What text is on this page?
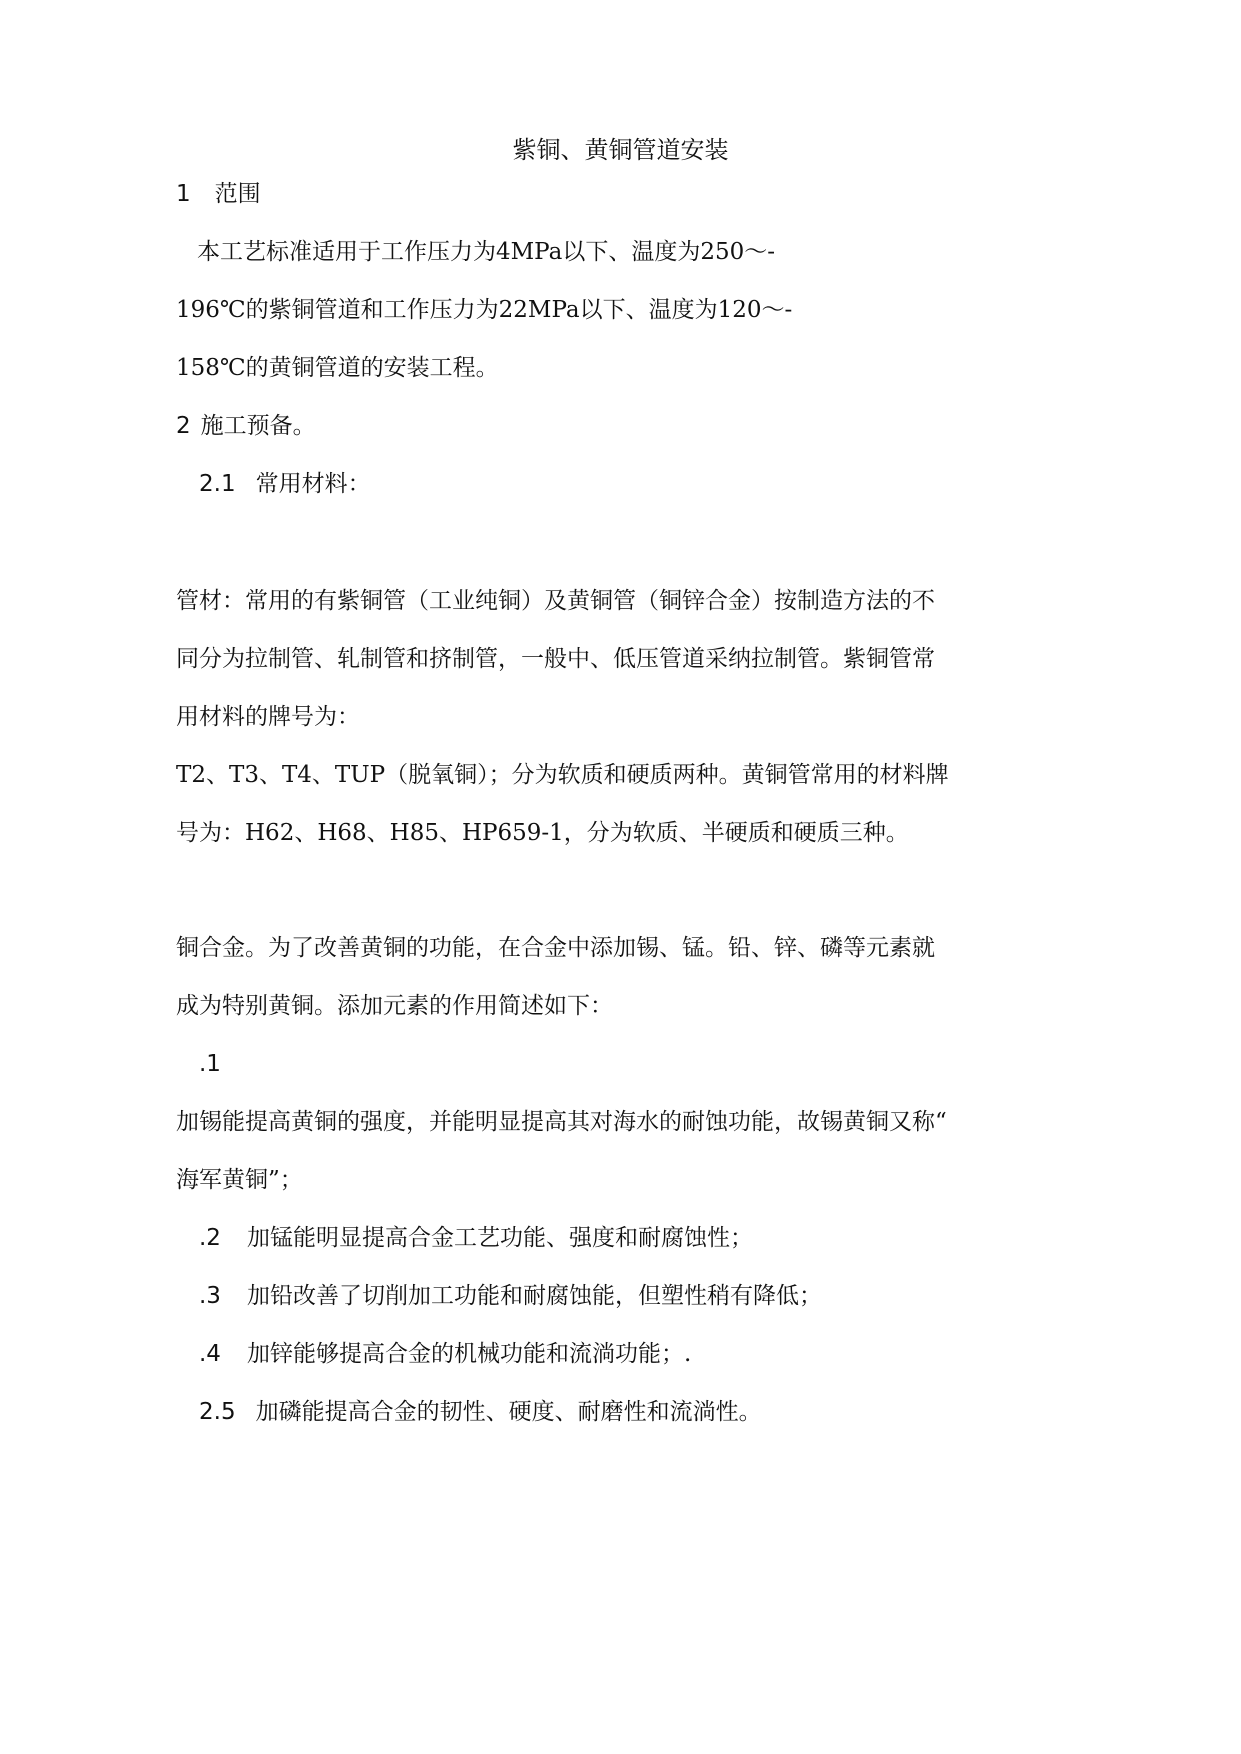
紫铜、黄铜管道安装
1 范围
本工艺标准适用于工作压力为4MPa以下、温度为250～-
196℃的紫铜管道和工作压力为22MPa以下、温度为120～-
158℃的黄铜管道的安装工程。
2 施工预备。
2.1 常用材料：
管材：常用的有紫铜管（工业纯铜）及黄铜管（铜锌合金）按制造方法的不
同分为拉制管、轧制管和挤制管，一般中、低压管道采纳拉制管。紫铜管常
用材料的牌号为：
T2、T3、T4、TUP（脱氧铜）；分为软质和硬质两种。黄铜管常用的材料牌
号为：H62、H68、H85、HP659-1，分为软质、半硬质和硬质三种。
铜合金。为了改善黄铜的功能，在合金中添加锡、锰。铅、锌、磷等元素就
成为特别黄铜。添加元素的作用简述如下：
.1
加锡能提高黄铜的强度，并能明显提高其对海水的耐蚀功能，故锡黄铜又称“
海军黄铜”；
.2 加锰能明显提高合金工艺功能、强度和耐腐蚀性；
.3 加铅改善了切削加工功能和耐腐蚀能，但塑性稍有降低；
.4 加锌能够提高合金的机械功能和流淌功能；.
2.5 加磷能提高合金的韧性、硬度、耐磨性和流淌性。
